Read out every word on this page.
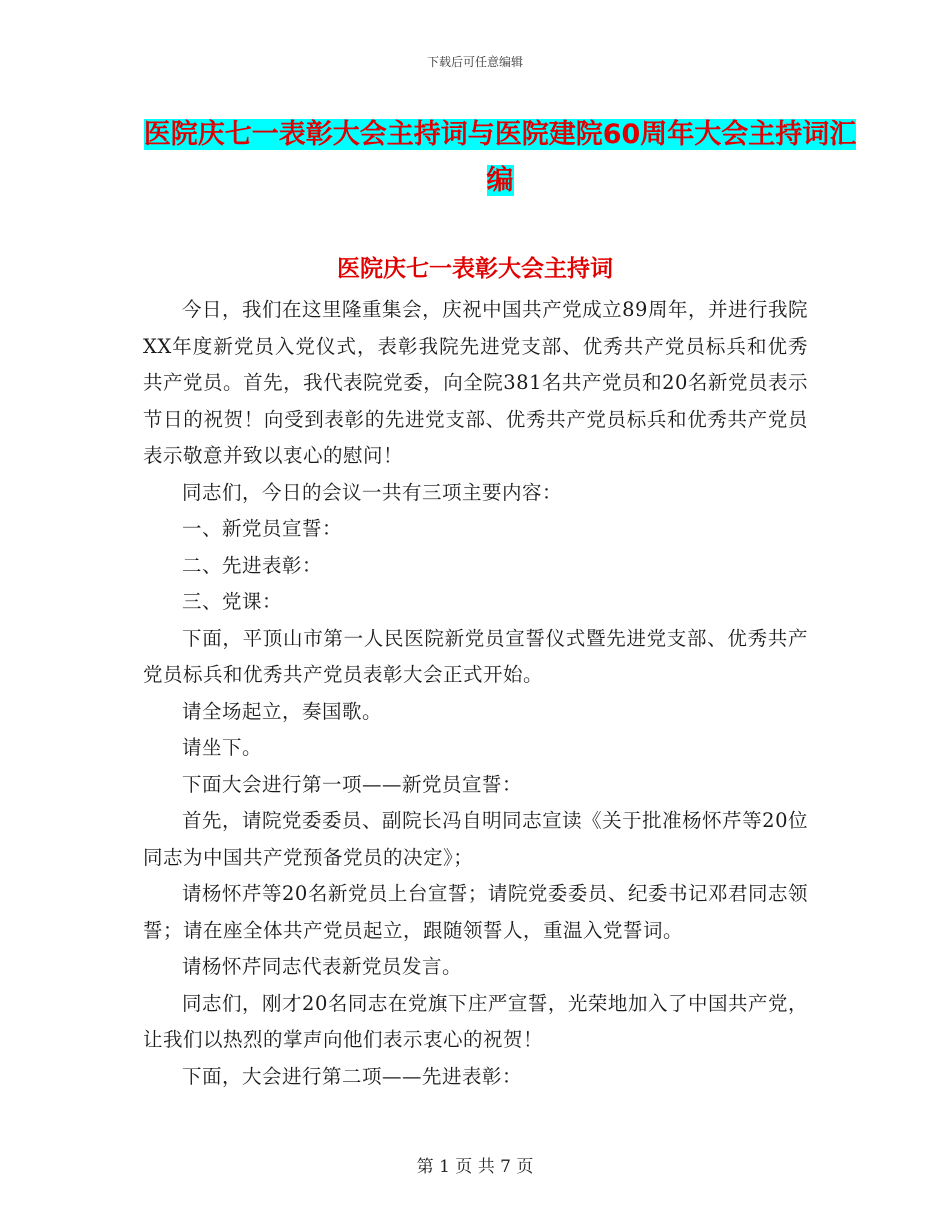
下载后可任意编辑
医院庆七一表彰大会主持词与医院建院60周年大会主持词汇编
医院庆七一表彰大会主持词

今日，我们在这里隆重集会，庆祝中国共产党成立89周年，并进行我院XX年度新党员入党仪式，表彰我院先进党支部、优秀共产党员标兵和优秀共产党员。首先，我代表院党委，向全院381名共产党员和20名新党员表示节日的祝贺！向受到表彰的先进党支部、优秀共产党员标兵和优秀共产党员表示敬意并致以衷心的慰问！

同志们，今日的会议一共有三项主要内容：

一、新党员宣誓：

二、先进表彰：

三、党课：

下面，平顶山市第一人民医院新党员宣誓仪式暨先进党支部、优秀共产党员标兵和优秀共产党员表彰大会正式开始。

请全场起立，奏国歌。

请坐下。

下面大会进行第一项——新党员宣誓：

首先，请院党委委员、副院长冯自明同志宣读《关于批准杨怀芹等20位同志为中国共产党预备党员的决定》；

请杨怀芹等20名新党员上台宣誓；请院党委委员、纪委书记邓君同志领誓；请在座全体共产党员起立，跟随领誓人，重温入党誓词。

请杨怀芹同志代表新党员发言。

同志们，刚才20名同志在党旗下庄严宣誓，光荣地加入了中国共产党，让我们以热烈的掌声向他们表示衷心的祝贺！

下面，大会进行第二项——先进表彰：

第 1 页 共 7 页
